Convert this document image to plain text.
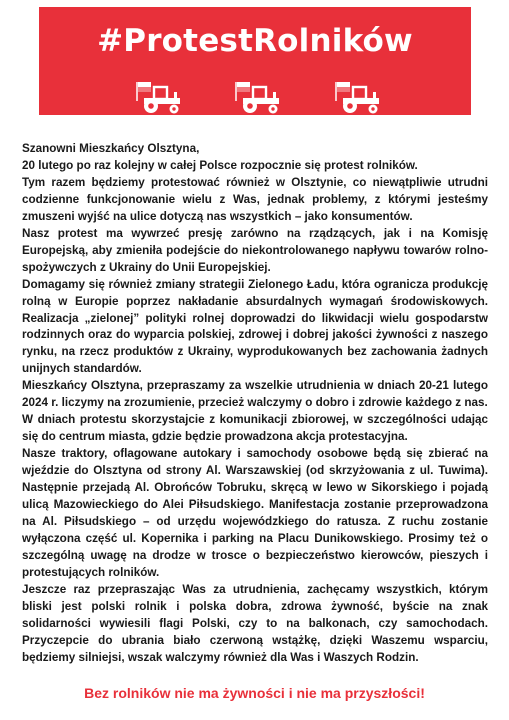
#ProtestRolników

Szanowni Mieszkańcy Olsztyna,

20 lutego po raz kolejny w całej Polsce rozpocznie się protest rolników.

Tym razem będziemy protestować również w Olsztynie, co niewątpliwie utrudni codzienne funkcjonowanie wielu z Was, jednak problemy, z którymi jesteśmy zmuszeni wyjść na ulice dotyczą nas wszystkich – jako konsumentów.

Nasz protest ma wywrzeć presję zarówno na rządzących, jak i na Komisję Europejską, aby zmieniła podejście do niekontrolowanego napływu towarów rolno-spożywczych z Ukrainy do Unii Europejskiej.

Domagamy się również zmiany strategii Zielonego Ładu, która ogranicza produkcję rolną w Europie poprzez nakładanie absurdalnych wymagań środowiskowych. Realizacja „zielonej” polityki rolnej doprowadzi do likwidacji wielu gospodarstw rodzinnych oraz do wyparcia polskiej, zdrowej i dobrej jakości żywności z naszego rynku, na rzecz produktów z Ukrainy, wyprodukowanych bez zachowania żadnych unijnych standardów.

Mieszkańcy Olsztyna, przepraszamy za wszelkie utrudnienia w dniach 20-21 lutego 2024 r. liczymy na zrozumienie, przecież walczymy o dobro i zdrowie każdego z nas.

W dniach protestu skorzystajcie z komunikacji zbiorowej, w szczególności udając się do centrum miasta, gdzie będzie prowadzona akcja protestacyjna.

Nasze traktory, oflagowane autokary i samochody osobowe będą się zbierać na wjeździe do Olsztyna od strony Al. Warszawskiej (od skrzyżowania z ul. Tuwima). Następnie przejadą Al. Obrońców Tobruku, skręcą w lewo w Sikorskiego i pojadą ulicą Mazowieckiego do Alei Piłsudskiego. Manifestacja zostanie przeprowadzona na Al. Piłsudskiego – od urzędu wojewódzkiego do ratusza. Z ruchu zostanie wyłączona część ul. Kopernika i parking na Placu Dunikowskiego. Prosimy też o szczególną uwagę na drodze w trosce o bezpieczeństwo kierowców, pieszych i protestujących rolników.

Jeszcze raz przepraszając Was za utrudnienia, zachęcamy wszystkich, którym bliski jest polski rolnik i polska dobra, zdrowa żywność, byście na znak solidarności wywiesili flagi Polski, czy to na balkonach, czy samochodach. Przyczepcie do ubrania biało czerwoną wstążkę, dzięki Waszemu wsparciu, będziemy silniejsi, wszak walczymy również dla Was i Waszych Rodzin.

Bez rolników nie ma żywności i nie ma przyszłości!
